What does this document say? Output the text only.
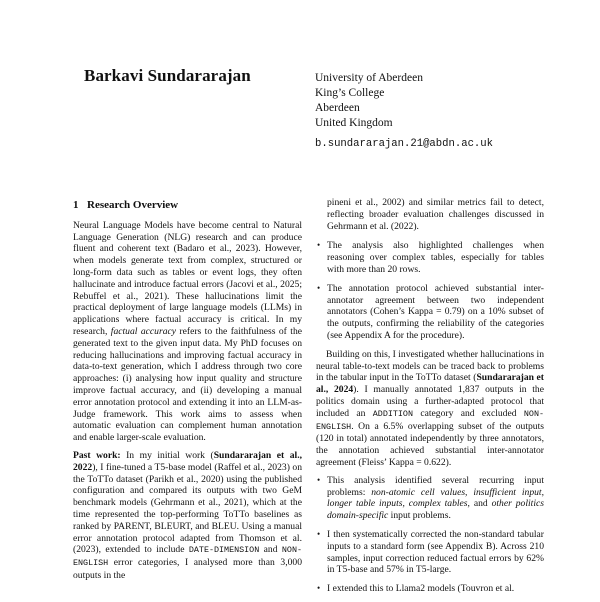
Barkavi Sundararajan	University of Aberdeen
King’s College
Aberdeen
United Kingdom
b.sundararajan.21@abdn.ac.uk
1 Research Overview

Neural Language Models have become central to Natural Language Generation (NLG) research and can produce fluent and coherent text (Badaro et al., 2023). However, when models generate text from complex, structured or long-form data such as tables or event logs, they often hallucinate and introduce factual errors (Jacovi et al., 2025; Rebuffel et al., 2021). These hallucinations limit the practical deployment of large language models (LLMs) in applications where factual accuracy is critical. In my research, factual accuracy refers to the faithfulness of the generated text to the given input data. My PhD focuses on reducing hallucinations and improving factual accuracy in data-to-text generation, which I address through two core approaches: (i) analysing how input quality and structure improve factual accuracy, and (ii) developing a manual error annotation protocol and extending it into an LLM-as-Judge framework. This work aims to assess when automatic evaluation can complement human annotation and enable larger-scale evaluation.

Past work: In my initial work (Sundararajan et al., 2022), I fine-tuned a T5-base model (Raffel et al., 2023) on the ToTTo dataset (Parikh et al., 2020) using the published configuration and compared its outputs with two GeM benchmark models (Gehrmann et al., 2021), which at the time represented the top-performing ToTTo baselines as ranked by PARENT, BLEURT, and BLEU. Using a manual error annotation protocol adapted from Thomson et al. (2023), extended to include DATE-DIMENSION and NON-ENGLISH error categories, I analysed more than 3,000 outputs in the

pineni et al., 2002) and similar metrics fail to detect, reflecting broader evaluation challenges discussed in Gehrmann et al. (2022).
• The analysis also highlighted challenges when reasoning over complex tables, especially for tables with more than 20 rows.
• The annotation protocol achieved substantial inter-annotator agreement between two independent annotators (Cohen’s Kappa = 0.79) on a 10% subset of the outputs, confirming the reliability of the categories (see Appendix A for the procedure).

Building on this, I investigated whether hallucinations in neural table-to-text models can be traced back to problems in the tabular input in the ToTTo dataset (Sundararajan et al., 2024). I manually annotated 1,837 outputs in the politics domain using a further-adapted protocol that included an ADDITION category and excluded NON-ENGLISH. On a 6.5% overlapping subset of the outputs (120 in total) annotated independently by three annotators, the annotation achieved substantial inter-annotator agreement (Fleiss’ Kappa = 0.622).

• This analysis identified several recurring input problems: non-atomic cell values, insufficient input, longer table inputs, complex tables, and other politics domain-specific input problems.
• I then systematically corrected the non-standard tabular inputs to a standard form (see Appendix B). Across 210 samples, input correction reduced factual errors by 62% in T5-base and 57% in T5-large.
• I extended this to Llama2 models (Touvron et al.
